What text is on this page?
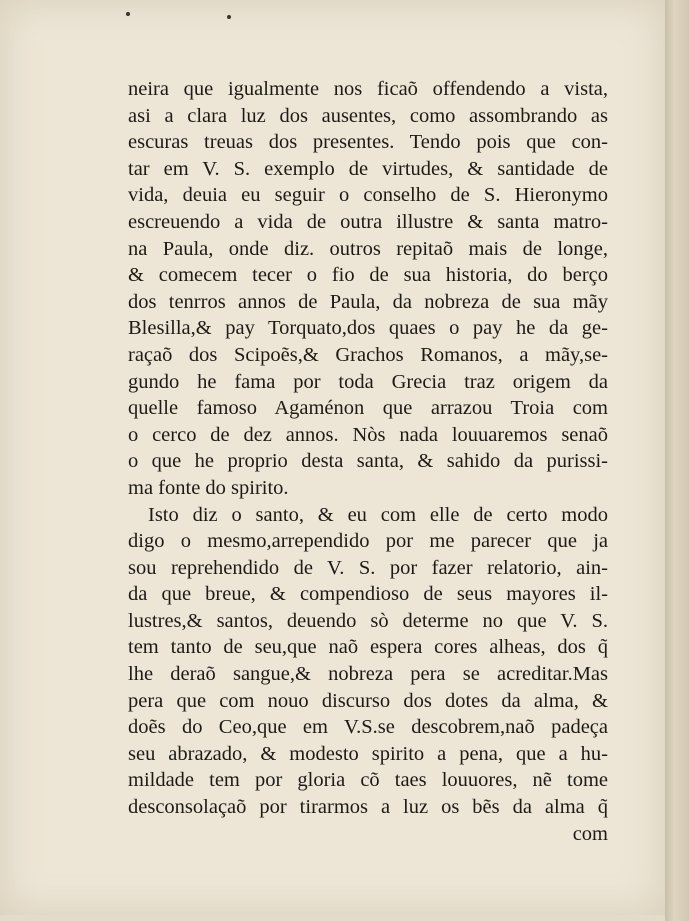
neira que igualmente nos ficaõ offendendo a vista,
asi a clara luz dos ausentes, como assombrando as
escuras treuas dos presentes. Tendo pois que con-
tar em V. S. exemplo de virtudes, & santidade de
vida, deuia eu seguir o conselho de S. Hieronymo
escreuendo a vida de outra illustre & santa matro-
na Paula, onde diz. outros repitaõ mais de longe,
& comecem tecer o fio de sua historia, do berço
dos tenrros annos de Paula, da nobreza de sua mãy
Blesilla,& pay Torquato,dos quaes o pay he da ge-
raçaõ dos Scipoẽs,& Grachos Romanos, a mãy,se-
gundo he fama por toda Grecia traz origem da
quelle famoso Agaménon que arrazou Troia com
o cerco de dez annos. Nòs nada louuaremos senaõ
o que he proprio desta santa, & sahido da purissi-
ma fonte do spirito.
Isto diz o santo, & eu com elle de certo modo
digo o mesmo,arrependido por me parecer que ja
sou reprehendido de V. S. por fazer relatorio, ain-
da que breue, & compendioso de seus mayores il-
lustres,& santos, deuendo sò determe no que V. S.
tem tanto de seu,que naõ espera cores alheas, dos q̃
lhe deraõ sangue,& nobreza pera se acreditar.Mas
pera que com nouo discurso dos dotes da alma, &
doẽs do Ceo,que em V.S.se descobrem,naõ padeça
seu abrazado, & modesto spirito a pena, que a hu-
mildade tem por gloria cõ taes louuores, nẽ tome
desconsolaçaõ por tirarmos a luz os bẽs da alma q̃
com
